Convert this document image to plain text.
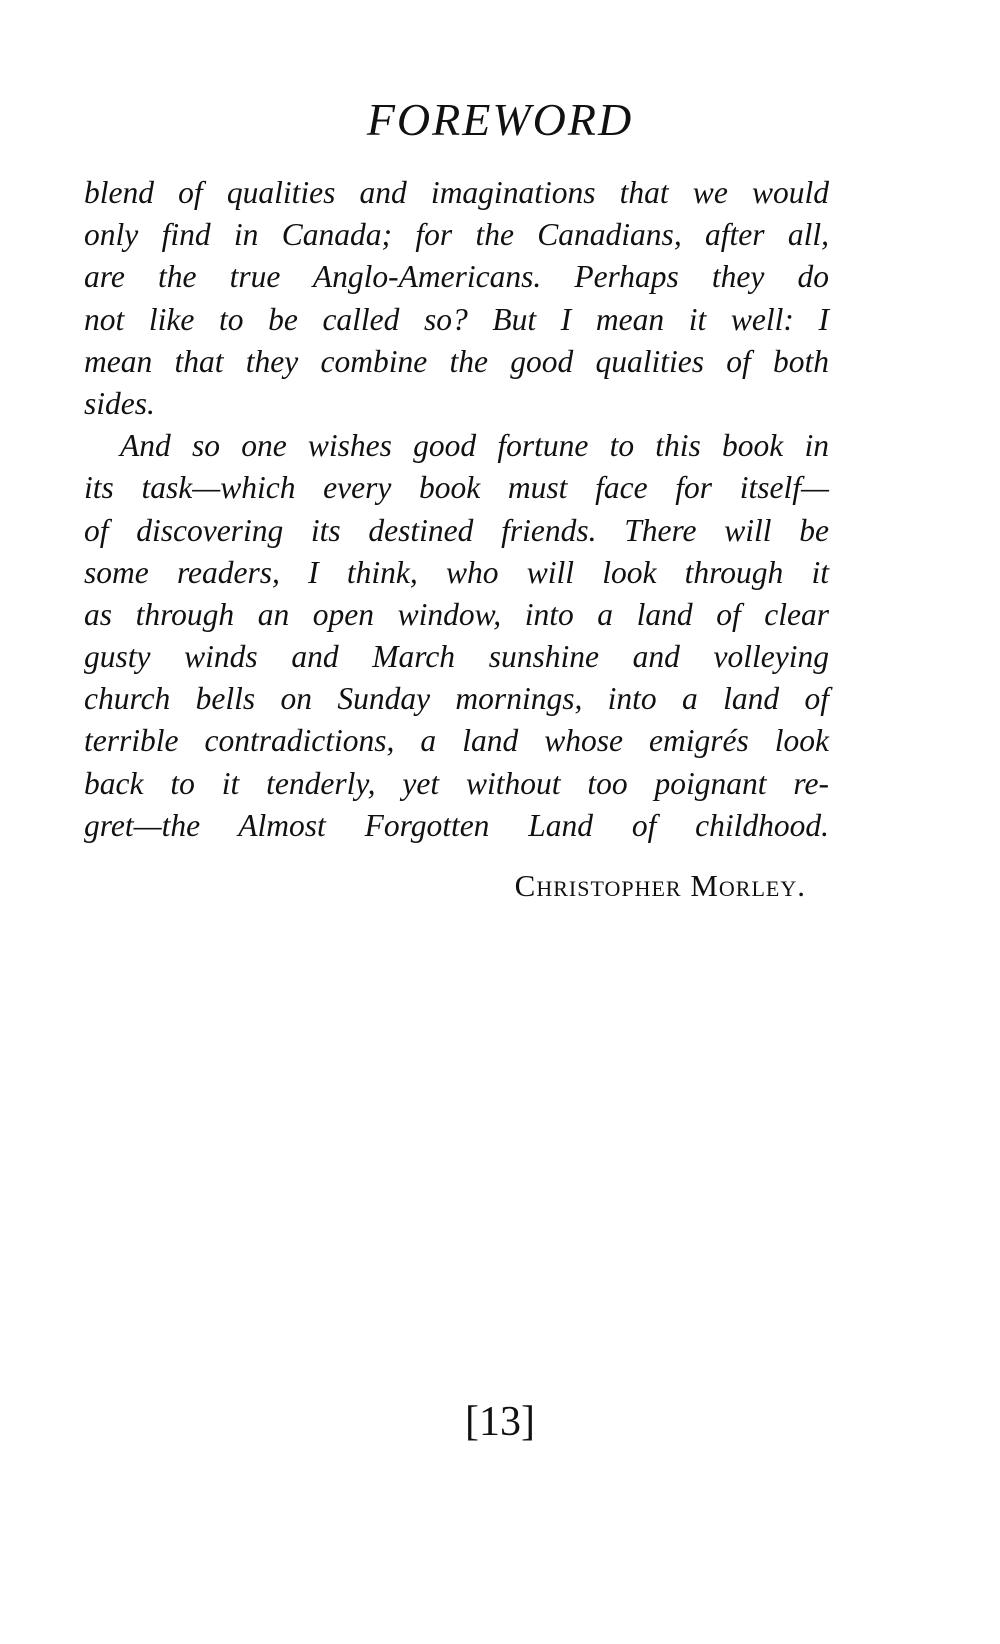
FOREWORD
blend of qualities and imaginations that we would
only find in Canada; for the Canadians, after all,
are the true Anglo-Americans. Perhaps they do
not like to be called so? But I mean it well: I
mean that they combine the good qualities of both
sides.
And so one wishes good fortune to this book in
its task—which every book must face for itself—
of discovering its destined friends. There will be
some readers, I think, who will look through it
as through an open window, into a land of clear
gusty winds and March sunshine and volleying
church bells on Sunday mornings, into a land of
terrible contradictions, a land whose emigrés look
back to it tenderly, yet without too poignant re-
gret—the Almost Forgotten Land of childhood.
Christopher Morley.
[13]
